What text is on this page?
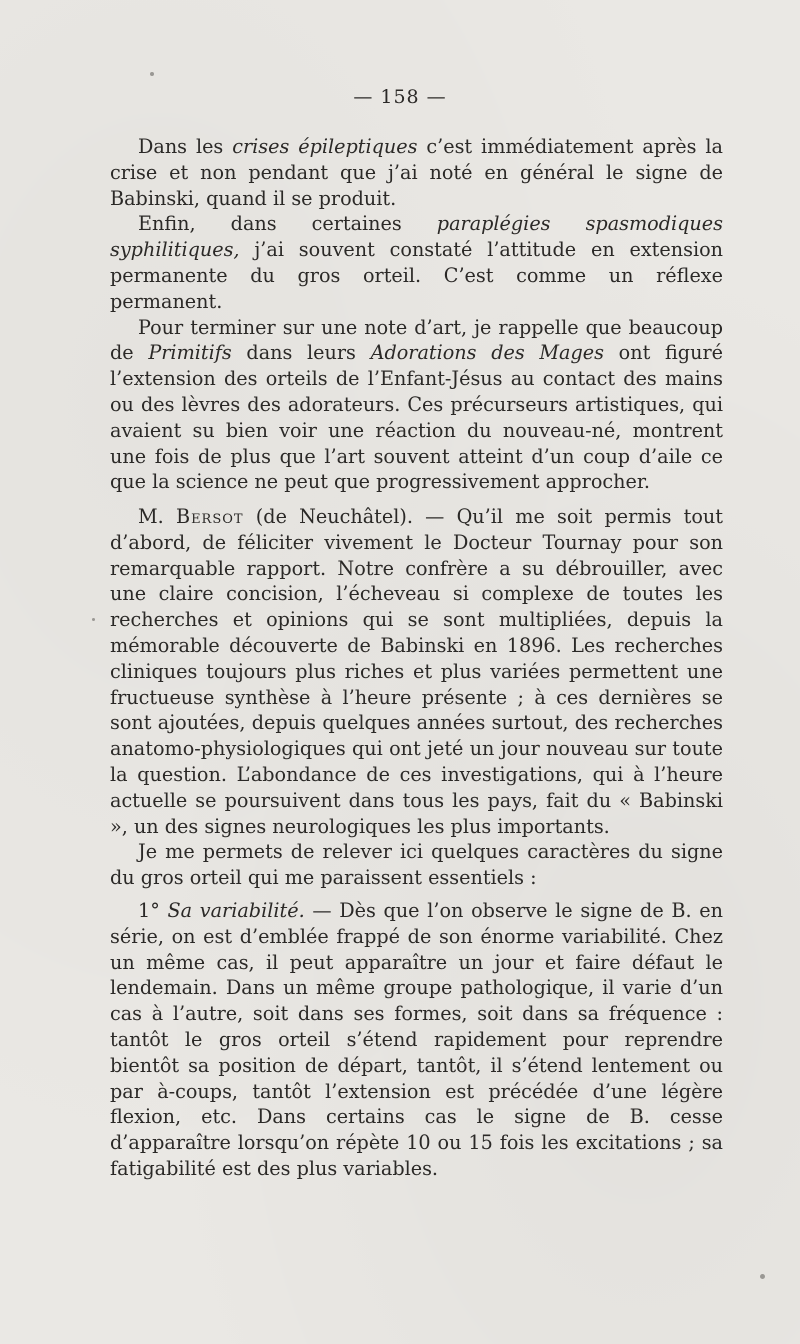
— 158 —

Dans les crises épileptiques c’est immédiatement après la crise et non pendant que j’ai noté en général le signe de Babinski, quand il se produit.

Enfin, dans certaines paraplégies spasmodiques syphilitiques, j’ai souvent constaté l’attitude en extension permanente du gros orteil. C’est comme un réflexe permanent.

Pour terminer sur une note d’art, je rappelle que beaucoup de Primitifs dans leurs Adorations des Mages ont figuré l’extension des orteils de l’Enfant-Jésus au contact des mains ou des lèvres des adorateurs. Ces précurseurs artistiques, qui avaient su bien voir une réaction du nouveau-né, montrent une fois de plus que l’art souvent atteint d’un coup d’aile ce que la science ne peut que progressivement approcher.

M. Bersot (de Neuchâtel). — Qu’il me soit permis tout d’abord, de féliciter vivement le Docteur Tournay pour son remarquable rapport. Notre confrère a su débrouiller, avec une claire concision, l’écheveau si complexe de toutes les recherches et opinions qui se sont multipliées, depuis la mémorable découverte de Babinski en 1896. Les recherches cliniques toujours plus riches et plus variées permettent une fructueuse synthèse à l’heure présente ; à ces dernières se sont ajoutées, depuis quelques années surtout, des recherches anatomo-physiologiques qui ont jeté un jour nouveau sur toute la question. L’abondance de ces investigations, qui à l’heure actuelle se poursuivent dans tous les pays, fait du « Babinski », un des signes neurologiques les plus importants.

Je me permets de relever ici quelques caractères du signe du gros orteil qui me paraissent essentiels :

1° Sa variabilité. — Dès que l’on observe le signe de B. en série, on est d’emblée frappé de son énorme variabilité. Chez un même cas, il peut apparaître un jour et faire défaut le lendemain. Dans un même groupe pathologique, il varie d’un cas à l’autre, soit dans ses formes, soit dans sa fréquence : tantôt le gros orteil s’étend rapidement pour reprendre bientôt sa position de départ, tantôt, il s’étend lentement ou par à-coups, tantôt l’extension est précédée d’une légère flexion, etc. Dans certains cas le signe de B. cesse d’apparaître lorsqu’on répète 10 ou 15 fois les excitations ; sa fatigabilité est des plus variables.
